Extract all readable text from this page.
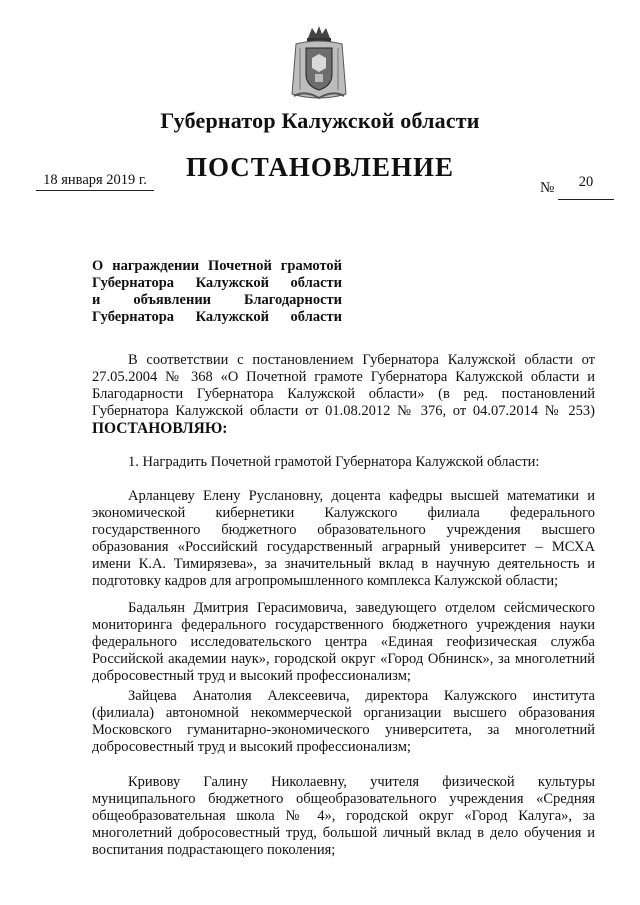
Губернатор Калужской области
ПОСТАНОВЛЕНИЕ
18 января 2019 г.	№	20
О награждении Почетной грамотой
Губернатора Калужской области
и объявлении Благодарности
Губернатора Калужской области
В соответствии с постановлением Губернатора Калужской области от 27.05.2004 № 368 «О Почетной грамоте Губернатора Калужской области и Благодарности Губернатора Калужской области» (в ред. постановлений Губернатора Калужской области от 01.08.2012 № 376, от 04.07.2014 № 253) ПОСТАНОВЛЯЮ:
1. Наградить Почетной грамотой Губернатора Калужской области:
Арланцеву Елену Руслановну, доцента кафедры высшей математики и экономической кибернетики Калужского филиала федерального государственного бюджетного образовательного учреждения высшего образования «Российский государственный аграрный университет – МСХА имени К.А. Тимирязева», за значительный вклад в научную деятельность и подготовку кадров для агропромышленного комплекса Калужской области;
Бадальян Дмитрия Герасимовича, заведующего отделом сейсмического мониторинга федерального государственного бюджетного учреждения науки федерального исследовательского центра «Единая геофизическая служба Российской академии наук», городской округ «Город Обнинск», за многолетний добросовестный труд и высокий профессионализм;
Зайцева Анатолия Алексеевича, директора Калужского института (филиала) автономной некоммерческой организации высшего образования Московского гуманитарно-экономического университета, за многолетний добросовестный труд и высокий профессионализм;
Кривову Галину Николаевну, учителя физической культуры муниципального бюджетного общеобразовательного учреждения «Средняя общеобразовательная школа № 4», городской округ «Город Калуга», за многолетний добросовестный труд, большой личный вклад в дело обучения и воспитания подрастающего поколения;
